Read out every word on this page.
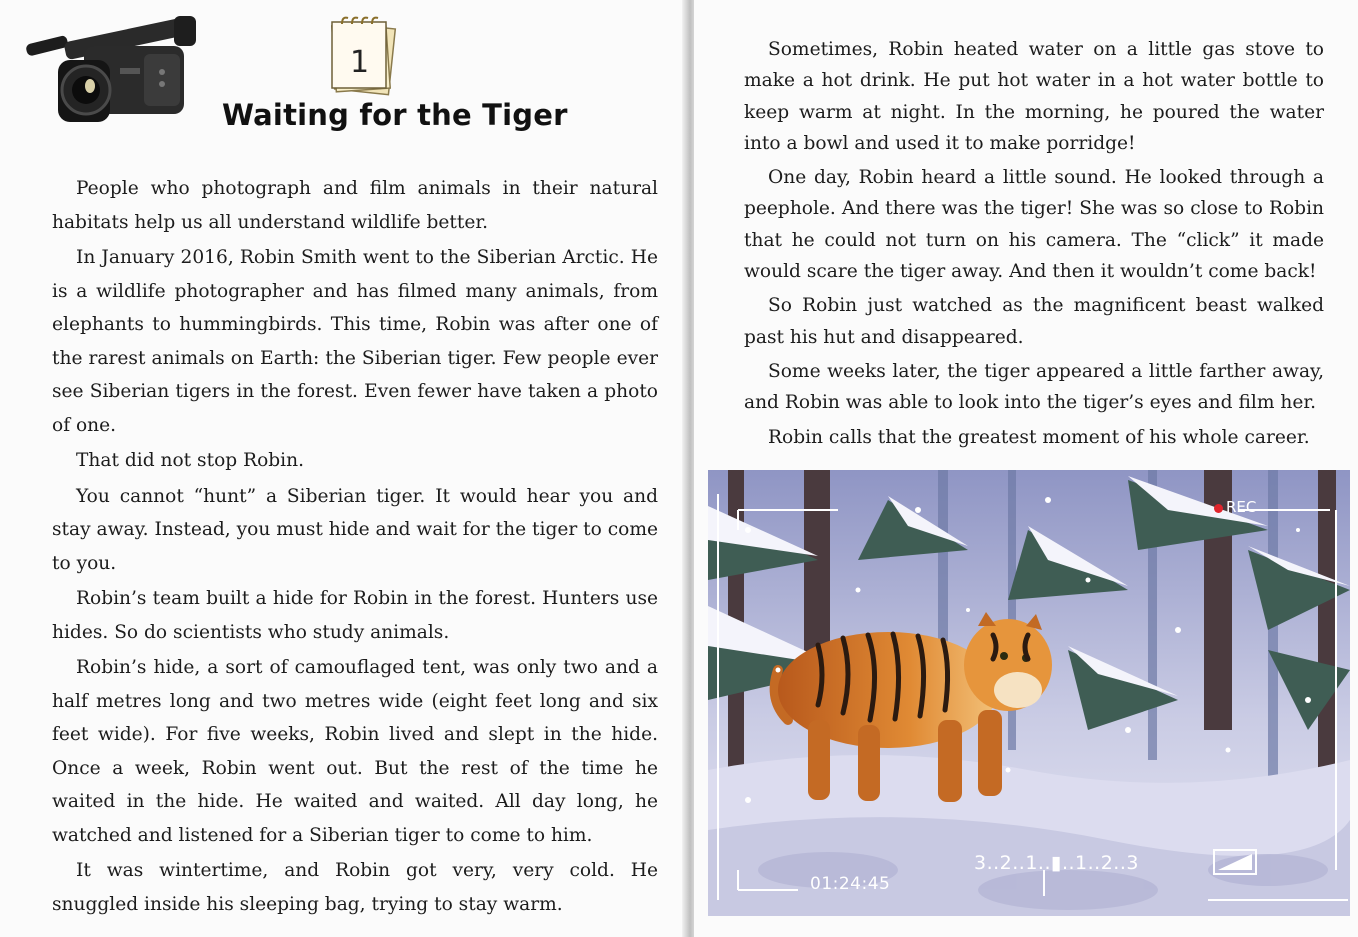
1
Waiting for the Tiger

People who photograph and film animals in their natural habitats help us all understand wildlife better.

In January 2016, Robin Smith went to the Siberian Arctic. He is a wildlife photographer and has filmed many animals, from elephants to hummingbirds. This time, Robin was after one of the rarest animals on Earth: the Siberian tiger. Few people ever see Siberian tigers in the forest. Even fewer have taken a photo of one.

That did not stop Robin.

You cannot “hunt” a Siberian tiger. It would hear you and stay away. Instead, you must hide and wait for the tiger to come to you.

Robin’s team built a hide for Robin in the forest. Hunters use hides. So do scientists who study animals.

Robin’s hide, a sort of camouflaged tent, was only two and a half metres long and two metres wide (eight feet long and six feet wide). For five weeks, Robin lived and slept in the hide. Once a week, Robin went out. But the rest of the time he waited in the hide. He waited and waited. All day long, he watched and listened for a Siberian tiger to come to him.

It was wintertime, and Robin got very, very cold. He snuggled inside his sleeping bag, trying to stay warm.

Sometimes, Robin heated water on a little gas stove to make a hot drink. He put hot water in a hot water bottle to keep warm at night. In the morning, he poured the water into a bowl and used it to make porridge!

One day, Robin heard a little sound. He looked through a peephole. And there was the tiger! She was so close to Robin that he could not turn on his camera. The “click” it made would scare the tiger away. And then it wouldn’t come back!

So Robin just watched as the magnificent beast walked past his hut and disappeared.

Some weeks later, the tiger appeared a little farther away, and Robin was able to look into the tiger’s eyes and film her.

Robin calls that the greatest moment of his whole career.

REC
3..2..1..▮..1..2..3
01:24:45
